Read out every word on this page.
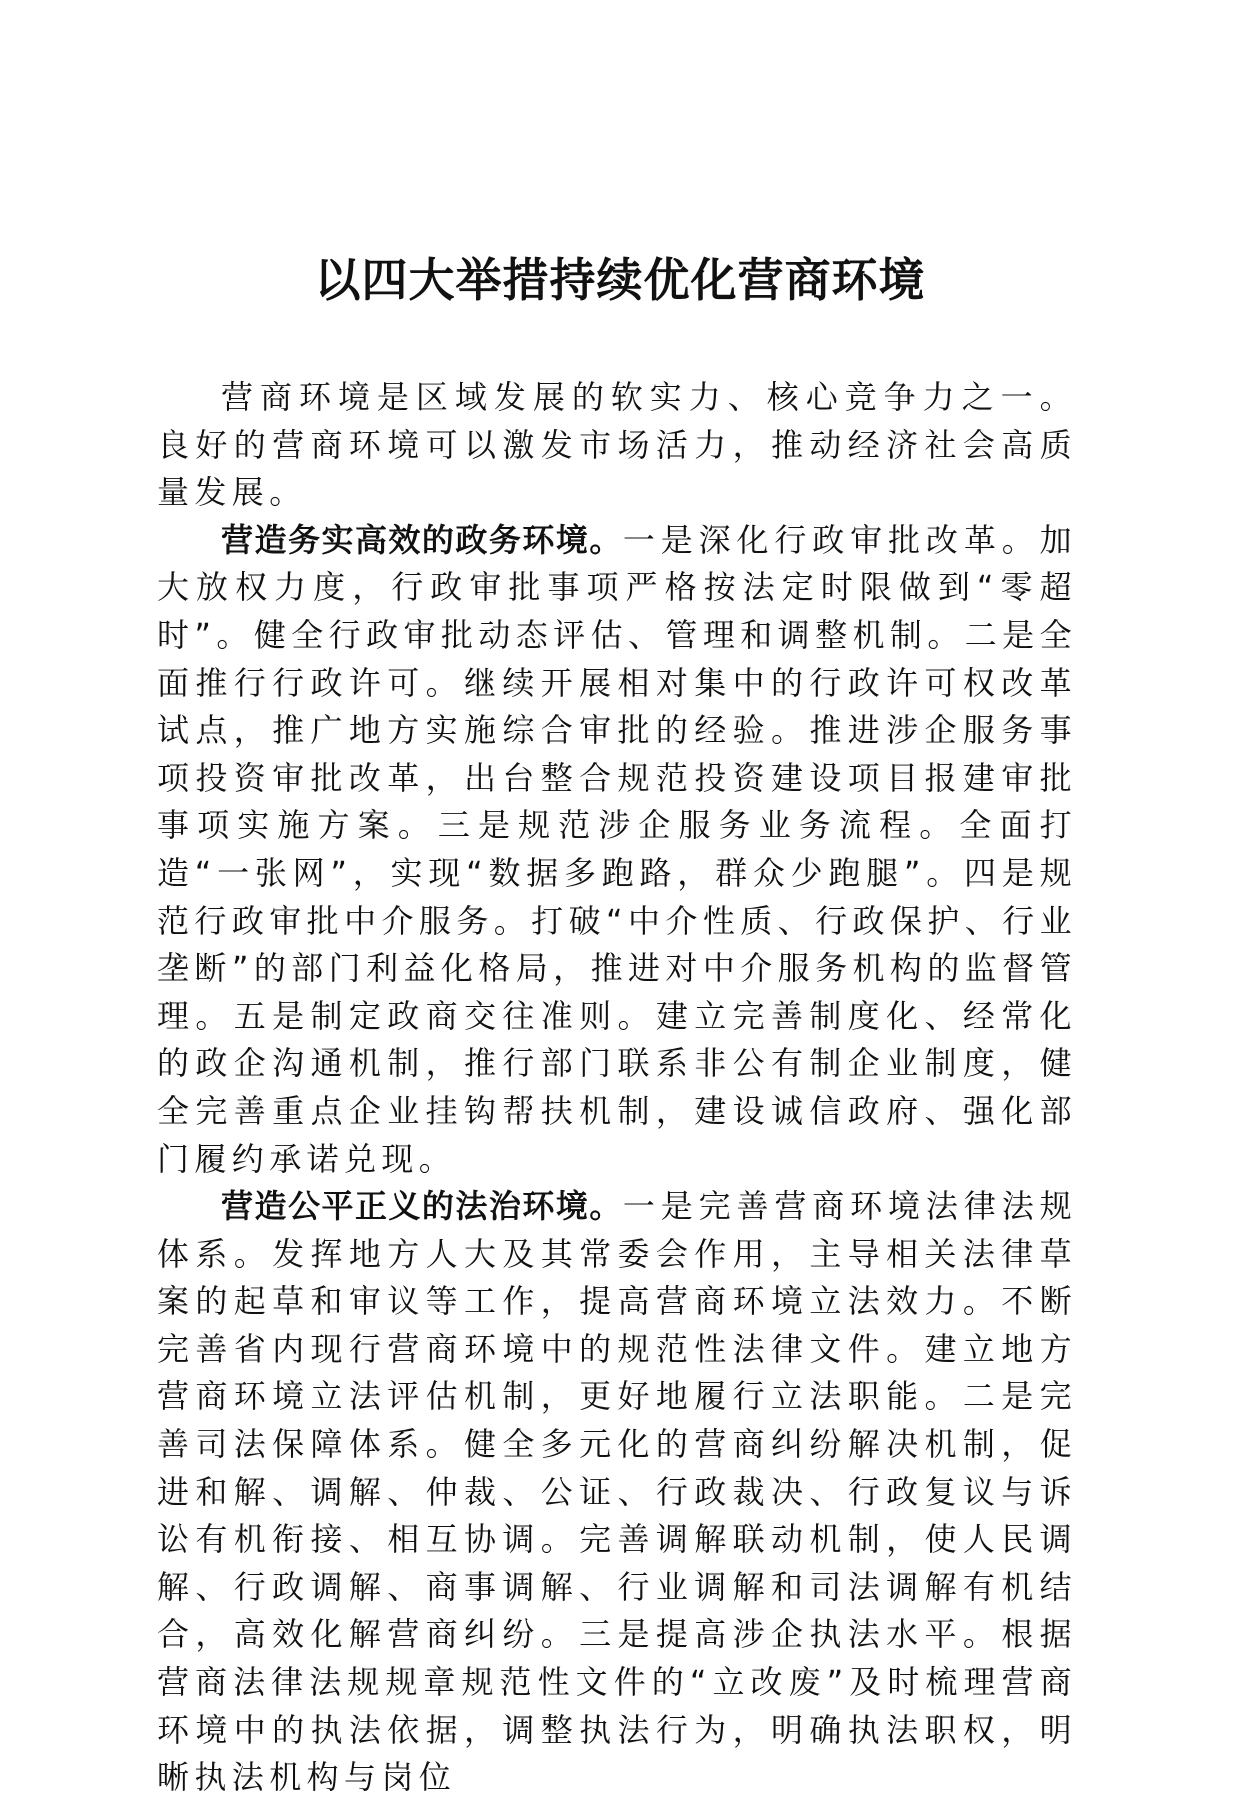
以四大举措持续优化营商环境

营商环境是区域发展的软实力、核心竞争力之一。良好的营商环境可以激发市场活力，推动经济社会高质量发展。

营造务实高效的政务环境。一是深化行政审批改革。加大放权力度，行政审批事项严格按法定时限做到“零超时”。健全行政审批动态评估、管理和调整机制。二是全面推行行政许可。继续开展相对集中的行政许可权改革试点，推广地方实施综合审批的经验。推进涉企服务事项投资审批改革，出台整合规范投资建设项目报建审批事项实施方案。三是规范涉企服务业务流程。全面打造“一张网”，实现“数据多跑路，群众少跑腿”。四是规范行政审批中介服务。打破“中介性质、行政保护、行业垄断”的部门利益化格局，推进对中介服务机构的监督管理。五是制定政商交往准则。建立完善制度化、经常化的政企沟通机制，推行部门联系非公有制企业制度，健全完善重点企业挂钩帮扶机制，建设诚信政府、强化部门履约承诺兑现。

营造公平正义的法治环境。一是完善营商环境法律法规体系。发挥地方人大及其常委会作用，主导相关法律草案的起草和审议等工作，提高营商环境立法效力。不断完善省内现行营商环境中的规范性法律文件。建立地方营商环境立法评估机制，更好地履行立法职能。二是完善司法保障体系。健全多元化的营商纠纷解决机制，促进和解、调解、仲裁、公证、行政裁决、行政复议与诉讼有机衔接、相互协调。完善调解联动机制，使人民调解、行政调解、商事调解、行业调解和司法调解有机结合，高效化解营商纠纷。三是提高涉企执法水平。根据营商法律法规规章规范性文件的“立改废”及时梳理营商环境中的执法依据，调整执法行为，明确执法职权，明晰执法机构与岗位
